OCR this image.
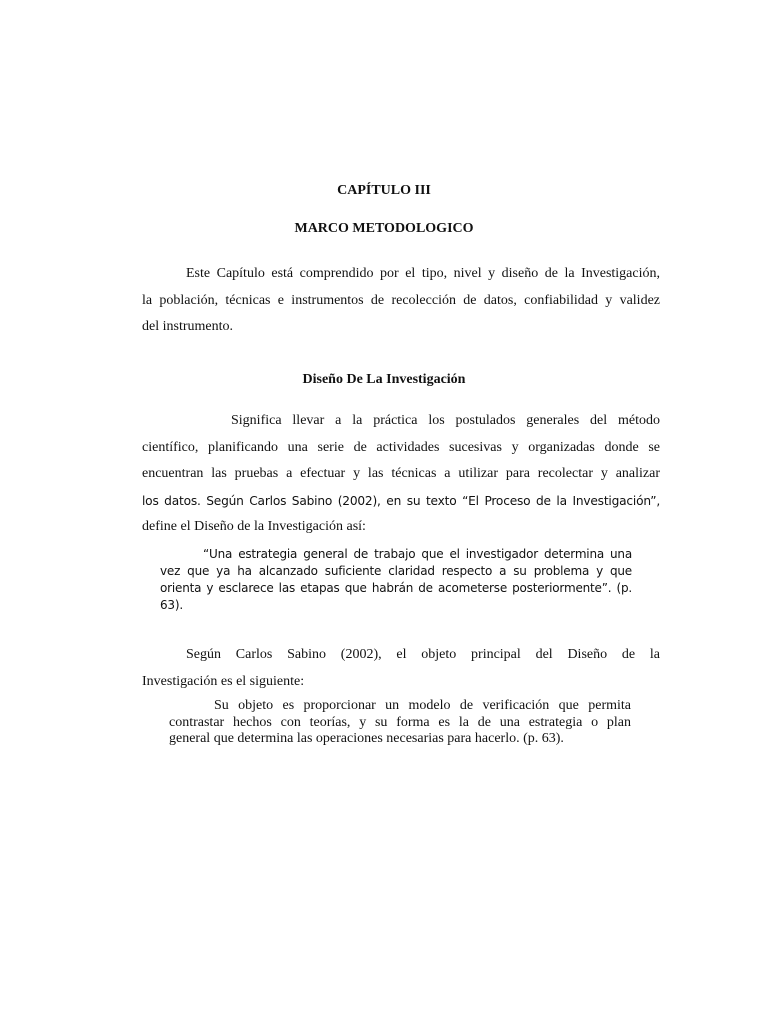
CAPÍTULO III
MARCO METODOLOGICO
Este Capítulo está comprendido por el tipo, nivel y diseño de la Investigación,
la población, técnicas e instrumentos de recolección de datos, confiabilidad y validez
del instrumento.
Diseño De La Investigación
Significa llevar a la práctica los postulados generales del método
científico, planificando una serie de actividades sucesivas y organizadas donde se
encuentran las pruebas a efectuar y las técnicas a utilizar para recolectar y analizar
los datos. Según Carlos Sabino (2002), en su texto “El Proceso de la Investigación”,
define el Diseño de la Investigación así:
“Una estrategia general de trabajo que el investigador determina una
vez que ya ha alcanzado suficiente claridad respecto a su problema y que
orienta y esclarece las etapas que habrán de acometerse posteriormente”. (p.
63).
Según Carlos Sabino (2002), el objeto principal del Diseño de la
Investigación es el siguiente:
Su objeto es proporcionar un modelo de verificación que permita
contrastar hechos con teorías, y su forma es la de una estrategia o plan
general que determina las operaciones necesarias para hacerlo. (p. 63).
